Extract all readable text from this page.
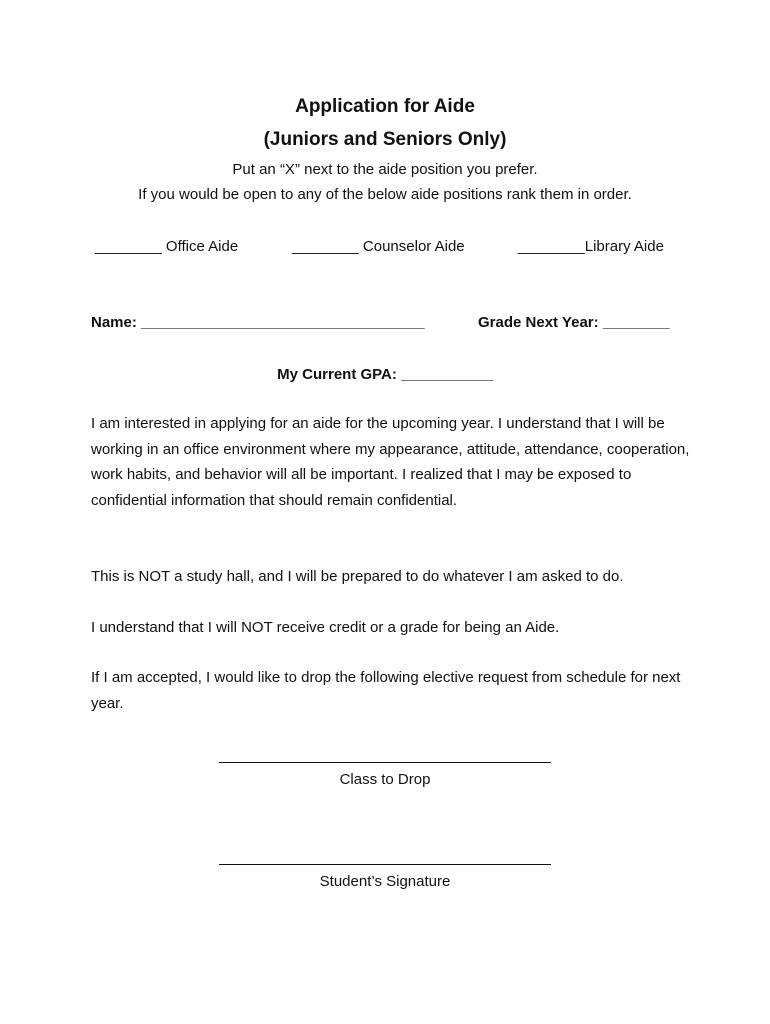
Application for Aide
(Juniors and Seniors Only)
Put an “X” next to the aide position you prefer.
If you would be open to any of the below aide positions rank them in order.
________ Office Aide	________ Counselor Aide	________Library Aide
Name: __________________________________	Grade Next Year: ________
My Current GPA: ___________
I am interested in applying for an aide for the upcoming year. I understand that I will be working in an office environment where my appearance, attitude, attendance, cooperation, work habits, and behavior will all be important. I realized that I may be exposed to confidential information that should remain confidential.
This is NOT a study hall, and I will be prepared to do whatever I am asked to do.
I understand that I will NOT receive credit or a grade for being an Aide.
If I am accepted, I would like to drop the following elective request from schedule for next year.
Class to Drop
Student’s Signature
